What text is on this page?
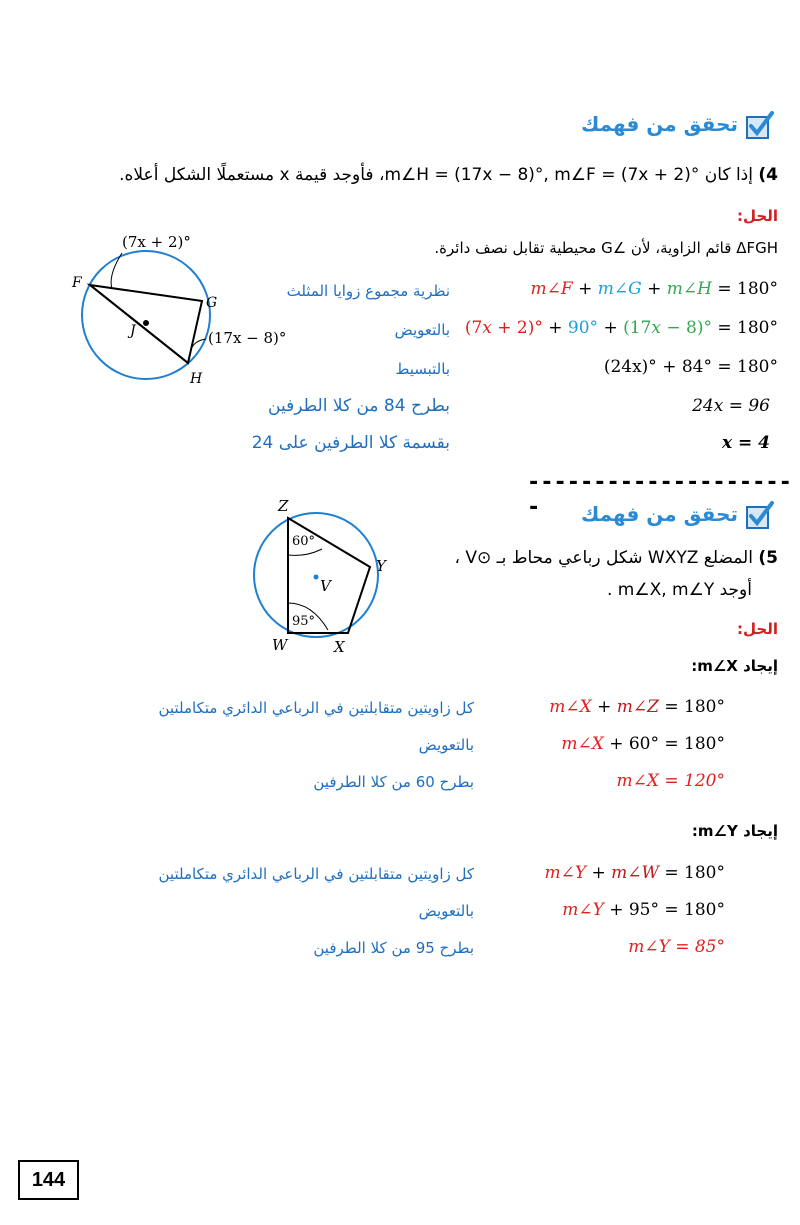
تحقق من فهمك
4) إذا كان ‎m∠H = (17x − 8)°, m∠F = (7x + 2)°‎، فأوجد قيمة x مستعملًا الشكل أعلاه.
الحل:
ΔFGH قائم الزاوية، لأن ∠G محيطية تقابل نصف دائرة.
m∠F + m∠G + m∠H = 180°
نظرية مجموع زوايا المثلث
(7x + 2)° + 90° + (17x − 8)° = 180°
بالتعويض
(24x)° + 84° = 180°
بالتبسيط
24x = 96
بطرح 84 من كلا الطرفين
x = 4
بقسمة كلا الطرفين على 24
(7x + 2)°
(17x − 8)°
F
G
J
H
---------------------	تحقق من فهمك
5) المضلع WXYZ شكل رباعي محاط بـ ⊙V ،
أوجد m∠X, m∠Y .
الحل:
إيجاد m∠X:
m∠X + m∠Z = 180°
كل زاويتين متقابلتين في الرباعي الدائري متكاملتين
m∠X + 60° = 180°
بالتعويض
m∠X = 120°
بطرح 60 من كلا الطرفين
إيجاد m∠Y:
m∠Y + m∠W = 180°
كل زاويتين متقابلتين في الرباعي الدائري متكاملتين
m∠Y + 95° = 180°
بالتعويض
m∠Y = 85°
بطرح 95 من كلا الطرفين
60°
95°
Z
Y
V
W	X
144
